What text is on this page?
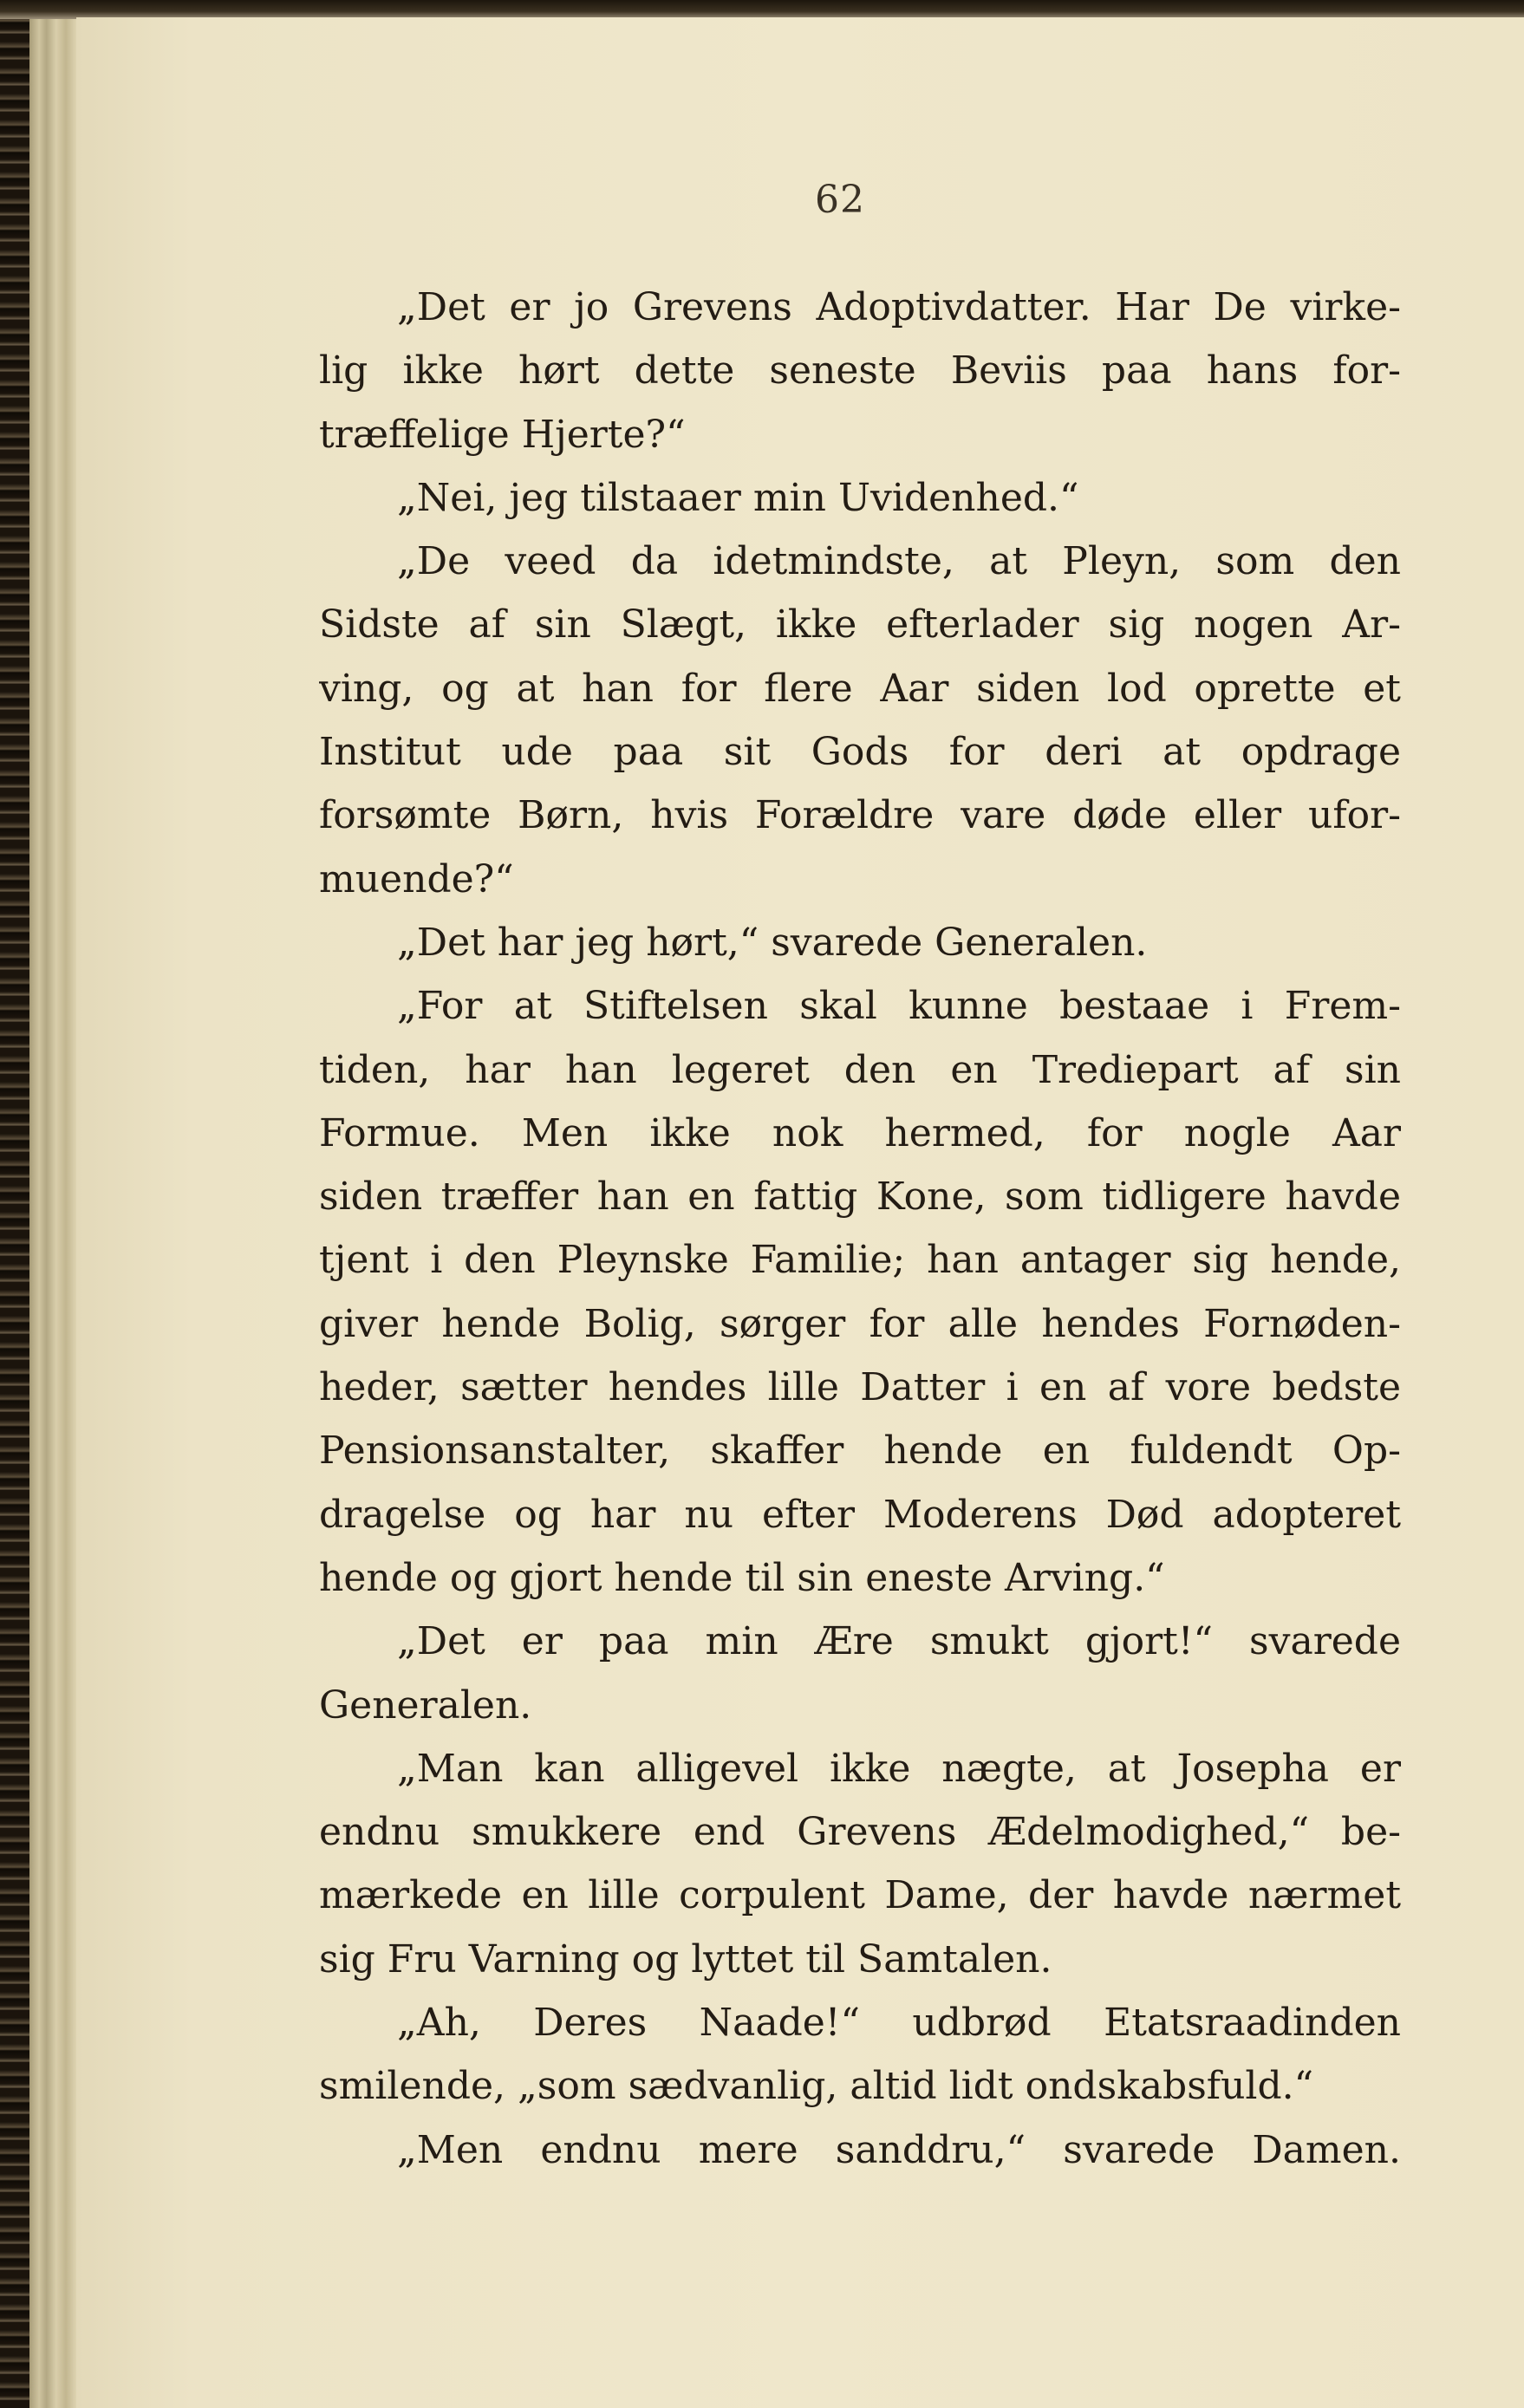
62
„Det er jo Grevens Adoptivdatter. Har De virke-
lig ikke hørt dette seneste Beviis paa hans for-
træffelige Hjerte?“
„Nei, jeg tilstaaer min Uvidenhed.“
„De veed da idetmindste, at Pleyn, som den
Sidste af sin Slægt, ikke efterlader sig nogen Ar-
ving, og at han for flere Aar siden lod oprette et
Institut ude paa sit Gods for deri at opdrage
forsømte Børn, hvis Forældre vare døde eller ufor-
muende?“
„Det har jeg hørt,“ svarede Generalen.
„For at Stiftelsen skal kunne bestaae i Frem-
tiden, har han legeret den en Trediepart af sin
Formue. Men ikke nok hermed, for nogle Aar
siden træffer han en fattig Kone, som tidligere havde
tjent i den Pleynske Familie; han antager sig hende,
giver hende Bolig, sørger for alle hendes Fornøden-
heder, sætter hendes lille Datter i en af vore bedste
Pensionsanstalter, skaffer hende en fuldendt Op-
dragelse og har nu efter Moderens Død adopteret
hende og gjort hende til sin eneste Arving.“
„Det er paa min Ære smukt gjort!“ svarede
Generalen.
„Man kan alligevel ikke nægte, at Josepha er
endnu smukkere end Grevens Ædelmodighed,“ be-
mærkede en lille corpulent Dame, der havde nærmet
sig Fru Varning og lyttet til Samtalen.
„Ah, Deres Naade!“ udbrød Etatsraadinden
smilende, „som sædvanlig, altid lidt ondskabsfuld.“
„Men endnu mere sanddru,“ svarede Damen.
